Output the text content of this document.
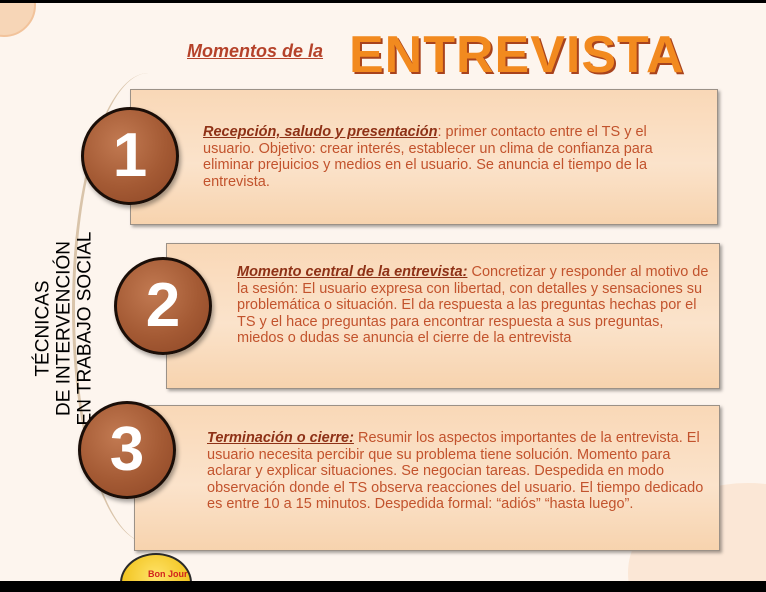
Momentos de la ENTREVISTA
TÉCNICAS DE INTERVENCIÓN EN TRABAJO SOCIAL
Recepción, saludo y presentación: primer contacto entre el TS y el usuario. Objetivo: crear interés, establecer un clima de confianza para eliminar prejuicios y medios en el usuario. Se anuncia el tiempo de la entrevista.
1
Momento central de la entrevista: Concretizar y responder al motivo de la sesión: El usuario expresa con libertad, con detalles y sensaciones su problemática o situación. El da respuesta a las preguntas hechas por el TS y el hace preguntas para encontrar respuesta a sus preguntas, miedos o dudas se anuncia el cierre de la entrevista
2
Terminación o cierre: Resumir los aspectos importantes de la entrevista. El usuario necesita percibir que su problema tiene solución. Momento para aclarar y explicar situaciones. Se negocian tareas. Despedida en modo observación donde el TS observa reacciones del usuario. El tiempo dedicado es entre 10 a 15 minutos. Despedida formal: “adiós” “hasta luego”.
3
Bon Jour
